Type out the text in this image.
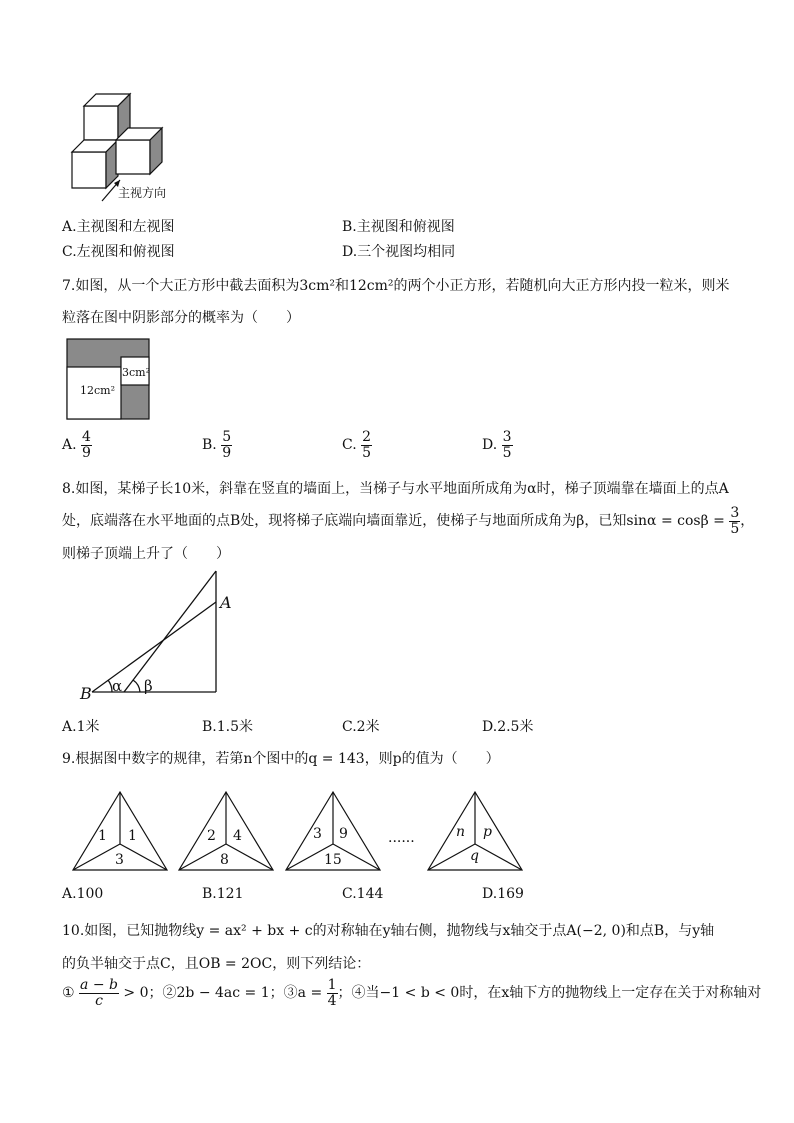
主视方向
A.主视图和左视图	B.主视图和俯视图
C.左视图和俯视图	D.三个视图均相同
7.如图，从一个大正方形中截去面积为3cm²和12cm²的两个小正方形，若随机向大正方形内投一粒米，则米
粒落在图中阴影部分的概率为（　　）
12cm²
3cm²
A. $\frac{4}{9}$	B. $\frac{5}{9}$	C. $\frac{2}{5}$	D. $\frac{3}{5}$
8.如图，某梯子长10米，斜靠在竖直的墙面上，当梯子与水平地面所成角为α时，梯子顶端靠在墙面上的点A
处，底端落在水平地面的点B处，现将梯子底端向墙面靠近，使梯子与地面所成角为β，已知$\sin\alpha = \cos\beta = \frac{3}{5}$ ，
则梯子顶端上升了（　　）
A
B α β
A.1米	B.1.5米	C.2米	D.2.5米
9.根据图中数字的规律，若第n个图中的q = 143，则p的值为（　　）
1 1
3
2 4
8
3 9
15
......	n p
q
A.100	B.121	C.144	D.169
10.如图，已知抛物线y = ax² + bx + c的对称轴在y轴右侧，抛物线与x轴交于点A(−2, 0)和点B，与y轴
的负半轴交于点C，且OB = 2OC，则下列结论：
① $\frac{a - b}{c} > 0$；②2b − 4ac = 1；③a = $\frac{1}{4}$ ；④当−1 < b < 0时，在x轴下方的抛物线上一定存在关于对称轴对
